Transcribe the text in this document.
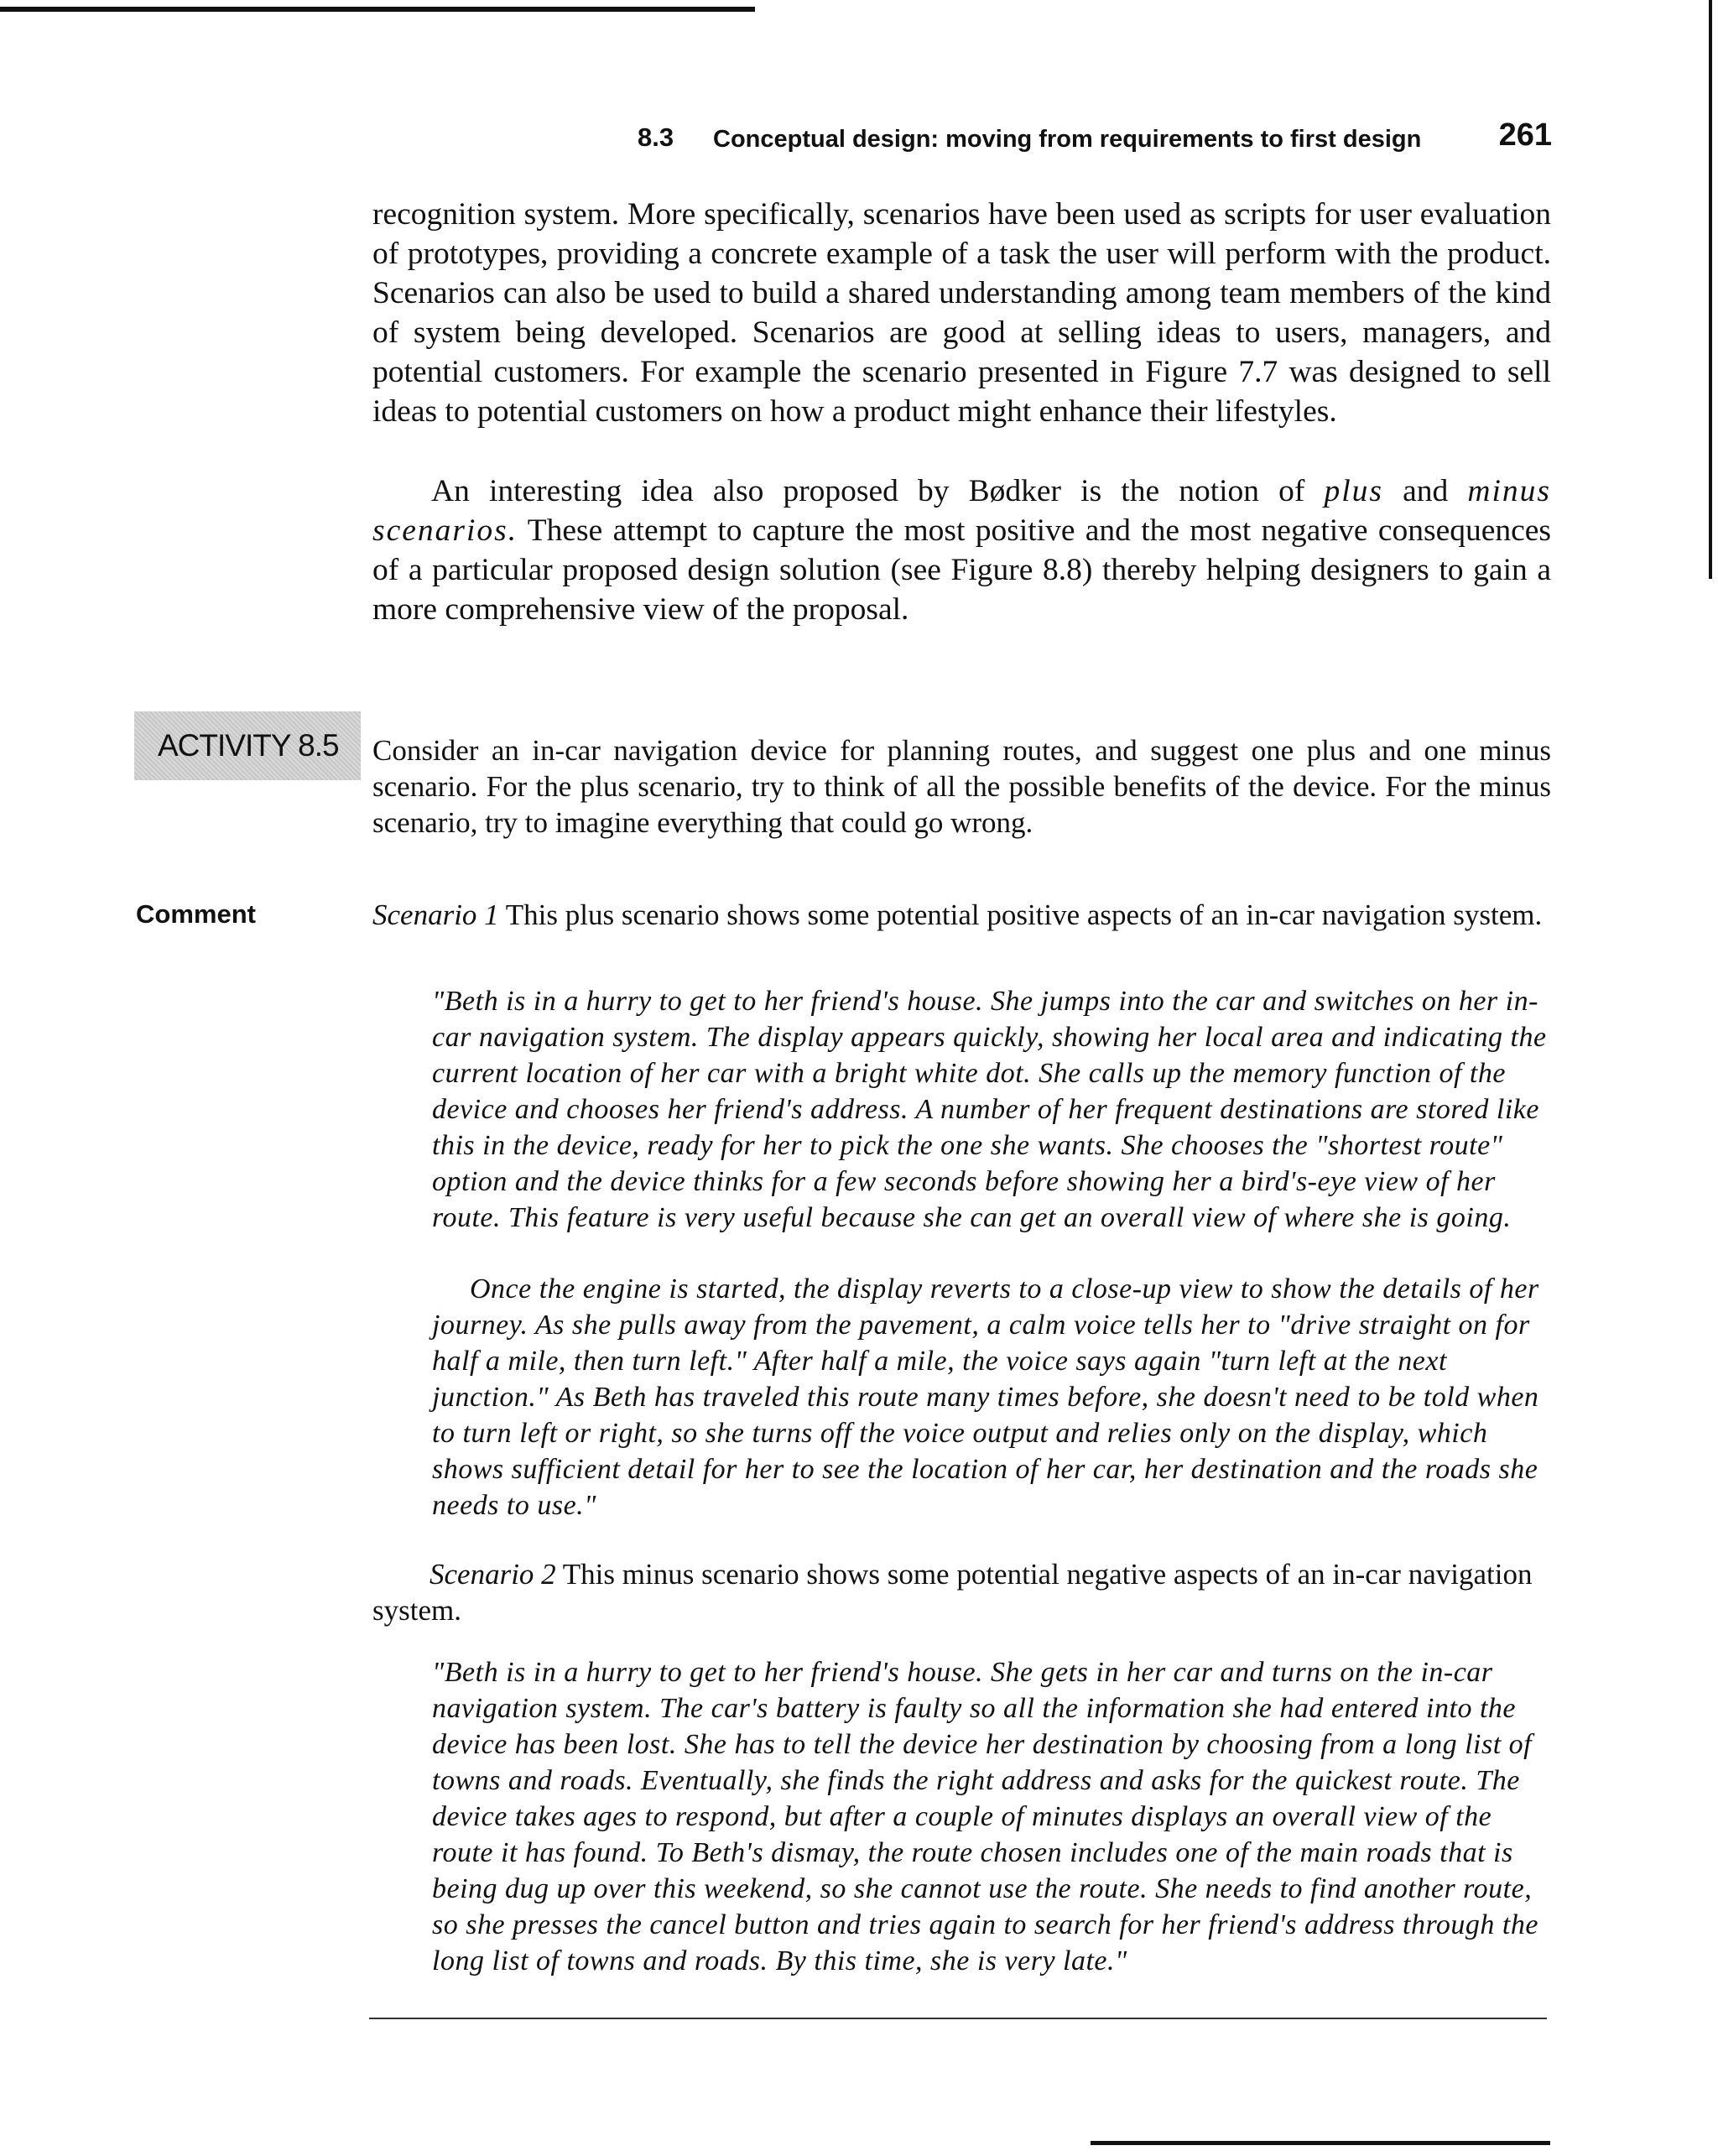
8.3 Conceptual design: moving from requirements to first design 261

recognition system. More specifically, scenarios have been used as scripts for user evaluation of prototypes, providing a concrete example of a task the user will perform with the product. Scenarios can also be used to build a shared understanding among team members of the kind of system being developed. Scenarios are good at selling ideas to users, managers, and potential customers. For example the scenario presented in Figure 7.7 was designed to sell ideas to potential customers on how a product might enhance their lifestyles.

An interesting idea also proposed by Bødker is the notion of plus and minus scenarios. These attempt to capture the most positive and the most negative consequences of a particular proposed design solution (see Figure 8.8) thereby helping designers to gain a more comprehensive view of the proposal.

ACTIVITY 8.5 Consider an in-car navigation device for planning routes, and suggest one plus and one minus scenario. For the plus scenario, try to think of all the possible benefits of the device. For the minus scenario, try to imagine everything that could go wrong.

Comment	Scenario 1 This plus scenario shows some potential positive aspects of an in-car navigation system.

"Beth is in a hurry to get to her friend's house. She jumps into the car and switches on her in-car navigation system. The display appears quickly, showing her local area and indicating the current location of her car with a bright white dot. She calls up the memory function of the device and chooses her friend's address. A number of her frequent destinations are stored like this in the device, ready for her to pick the one she wants. She chooses the "shortest route" option and the device thinks for a few seconds before showing her a bird's-eye view of her route. This feature is very useful because she can get an overall view of where she is going.

Once the engine is started, the display reverts to a close-up view to show the details of her journey. As she pulls away from the pavement, a calm voice tells her to "drive straight on for half a mile, then turn left." After half a mile, the voice says again "turn left at the next junction." As Beth has traveled this route many times before, she doesn't need to be told when to turn left or right, so she turns off the voice output and relies only on the display, which shows sufficient detail for her to see the location of her car, her destination and the roads she needs to use."

Scenario 2 This minus scenario shows some potential negative aspects of an in-car navigation system.

"Beth is in a hurry to get to her friend's house. She gets in her car and turns on the in-car navigation system. The car's battery is faulty so all the information she had entered into the device has been lost. She has to tell the device her destination by choosing from a long list of towns and roads. Eventually, she finds the right address and asks for the quickest route. The device takes ages to respond, but after a couple of minutes displays an overall view of the route it has found. To Beth's dismay, the route chosen includes one of the main roads that is being dug up over this weekend, so she cannot use the route. She needs to find another route, so she presses the cancel button and tries again to search for her friend's address through the long list of towns and roads. By this time, she is very late."
